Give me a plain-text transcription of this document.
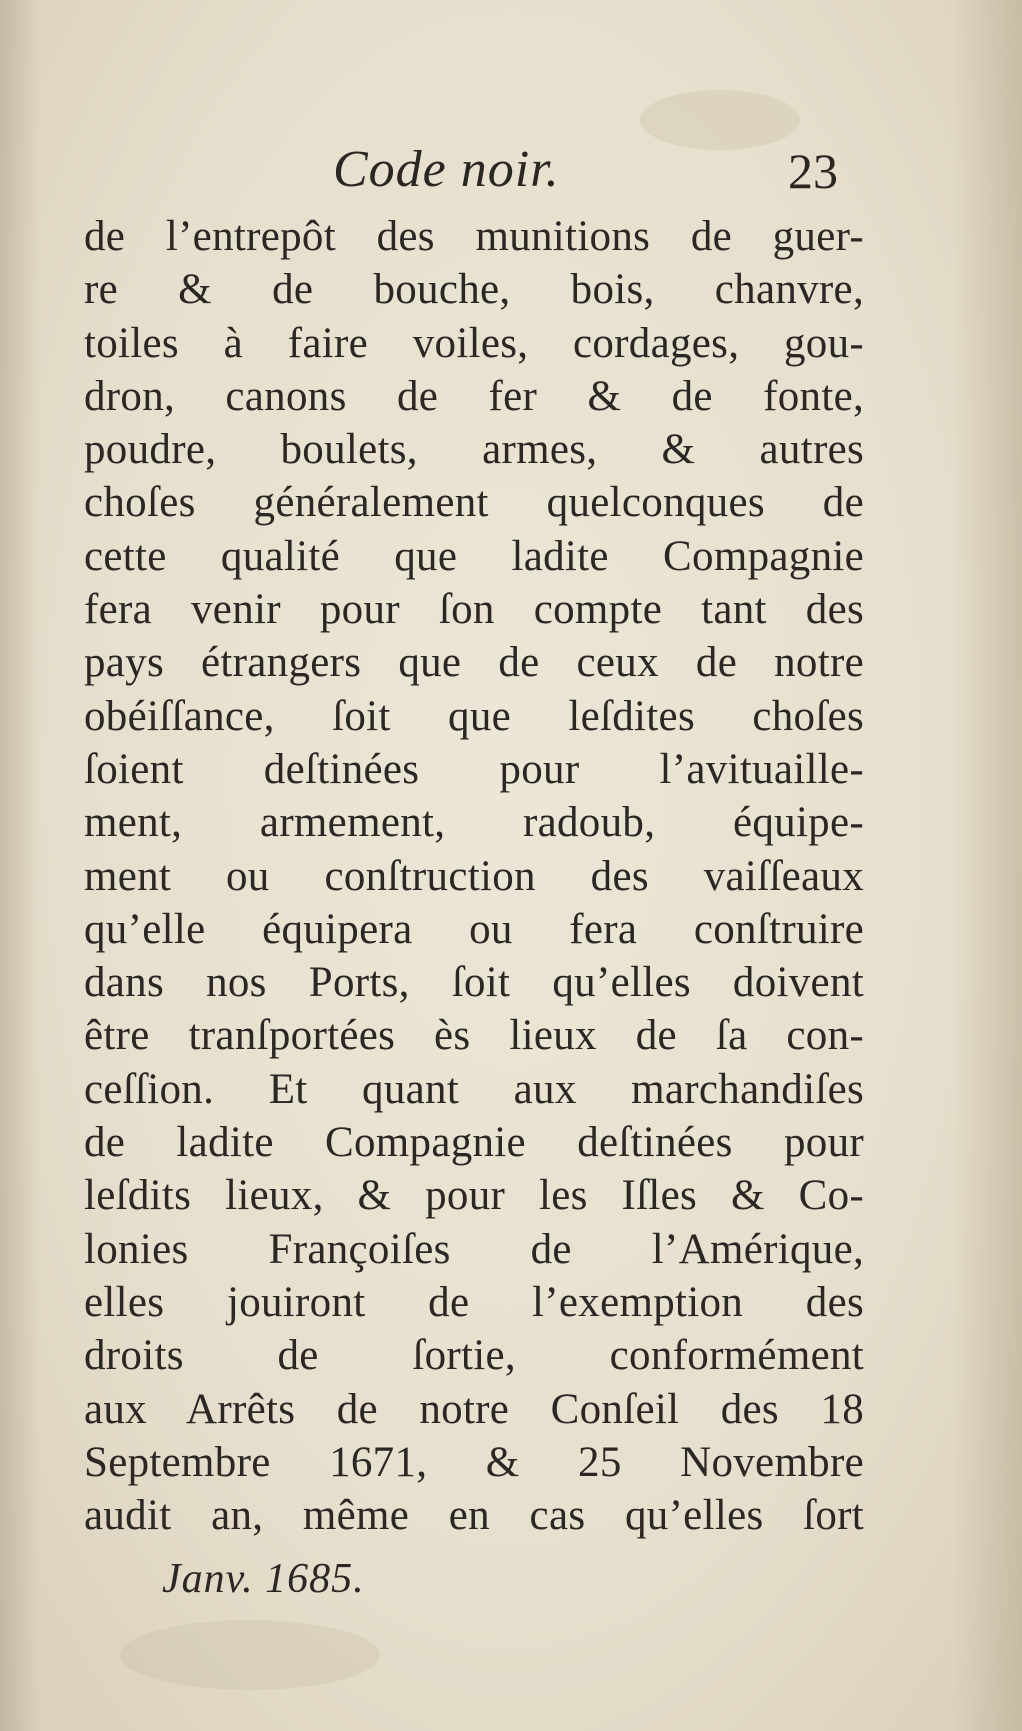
Code noir.	23
de l’entrepôt des munitions de guer-
re & de bouche, bois, chanvre,
toiles à faire voiles, cordages, gou-
dron, canons de fer & de fonte,
poudre, boulets, armes, & autres
choſes généralement quelconques de
cette qualité que ladite Compagnie
fera venir pour ſon compte tant des
pays étrangers que de ceux de notre
obéiſſance, ſoit que leſdites choſes
ſoient deſtinées pour l’avituaille-
ment, armement, radoub, équipe-
ment ou conſtruction des vaiſſeaux
qu’elle équipera ou fera conſtruire
dans nos Ports, ſoit qu’elles doivent
être tranſportées ès lieux de ſa con-
ceſſion. Et quant aux marchandiſes
de ladite Compagnie deſtinées pour
leſdits lieux, & pour les Iſles & Co-
lonies Françoiſes de l’Amérique,
elles jouiront de l’exemption des
droits de ſortie, conformément
aux Arrêts de notre Conſeil des 18
Septembre 1671, & 25 Novembre
audit an, même en cas qu’elles ſort
Janv. 1685.
